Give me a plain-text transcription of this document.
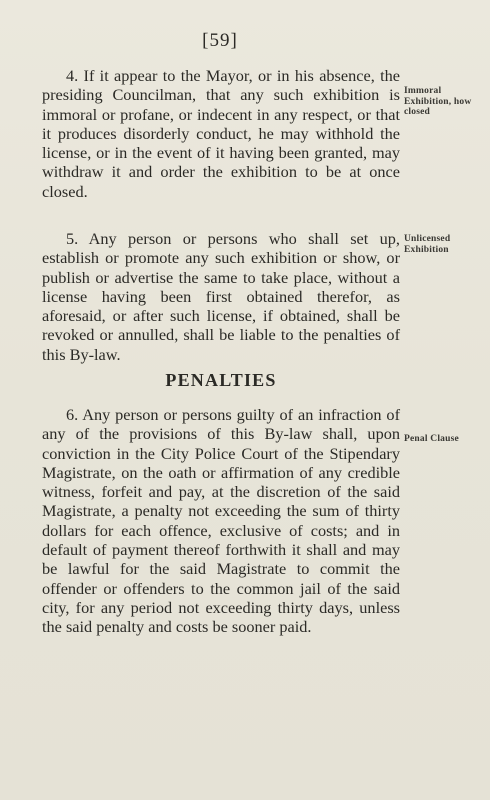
[59]

4. If it appear to the Mayor, or in his absence, the presiding Councilman, that any such exhibition is immoral or profane, or indecent in any respect, or that it produces disorderly conduct, he may withhold the license, or in the event of it having been granted, may withdraw it and order the exhibition to be at once closed.

Immoral Exhibition, how closed

5. Any person or persons who shall set up, establish or promote any such exhibition or show, or publish or advertise the same to take place, without a license having been first obtained therefor, as aforesaid, or after such license, if obtained, shall be revoked or annulled, shall be liable to the penalties of this By-law.

Unlicensed Exhibition
PENALTIES

6. Any person or persons guilty of an infraction of any of the provisions of this By-law shall, upon conviction in the City Police Court of the Stipendary Magistrate, on the oath or affirmation of any credible witness, forfeit and pay, at the discretion of the said Magistrate, a penalty not exceeding the sum of thirty dollars for each offence, exclusive of costs; and in default of payment thereof forthwith it shall and may be lawful for the said Magistrate to commit the offender or offenders to the common jail of the said city, for any period not exceeding thirty days, unless the said penalty and costs be sooner paid.

Penal Clause
